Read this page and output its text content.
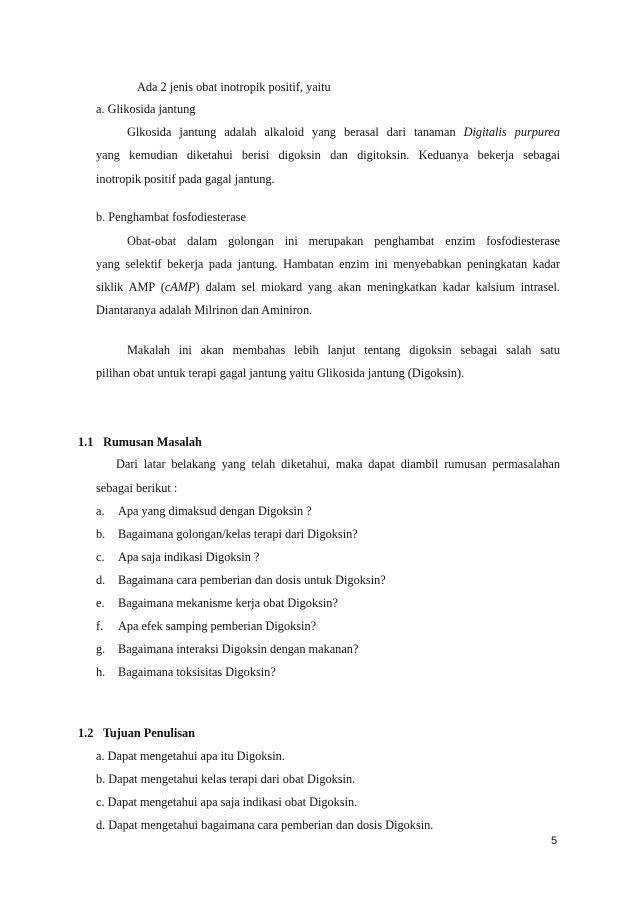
Ada 2 jenis obat inotropik positif, yaitu
a. Glikosida jantung
Glkosida jantung adalah alkaloid yang berasal dari tanaman Digitalis purpurea
yang kemudian diketahui berisi digoksin dan digitoksin. Keduanya bekerja sebagai
inotropik positif pada gagal jantung.
b. Penghambat fosfodiesterase
Obat-obat dalam golongan ini merupakan penghambat enzim fosfodiesterase
yang selektif bekerja pada jantung. Hambatan enzim ini menyebabkan peningkatan kadar
siklik AMP (cAMP) dalam sel miokard yang akan meningkatkan kadar kalsium intrasel.
Diantaranya adalah Milrinon dan Aminiron.
Makalah ini akan membahas lebih lanjut tentang digoksin sebagai salah satu
pilihan obat untuk terapi gagal jantung yaitu Glikosida jantung (Digoksin).
1.1 Rumusan Masalah
Dari latar belakang yang telah diketahui, maka dapat diambil rumusan permasalahan
sebagai berikut :
a. Apa yang dimaksud dengan Digoksin ?
b. Bagaimana golongan/kelas terapi dari Digoksin?
c. Apa saja indikasi Digoksin ?
d. Bagaimana cara pemberian dan dosis untuk Digoksin?
e. Bagaimana mekanisme kerja obat Digoksin?
f. Apa efek samping pemberian Digoksin?
g. Bagaimana interaksi Digoksin dengan makanan?
h. Bagaimana toksisitas Digoksin?
1.2 Tujuan Penulisan
a. Dapat mengetahui apa itu Digoksin.
b. Dapat mengetahui kelas terapi dari obat Digoksin.
c. Dapat mengetahui apa saja indikasi obat Digoksin.
d. Dapat mengetahui bagaimana cara pemberian dan dosis Digoksin.
5
